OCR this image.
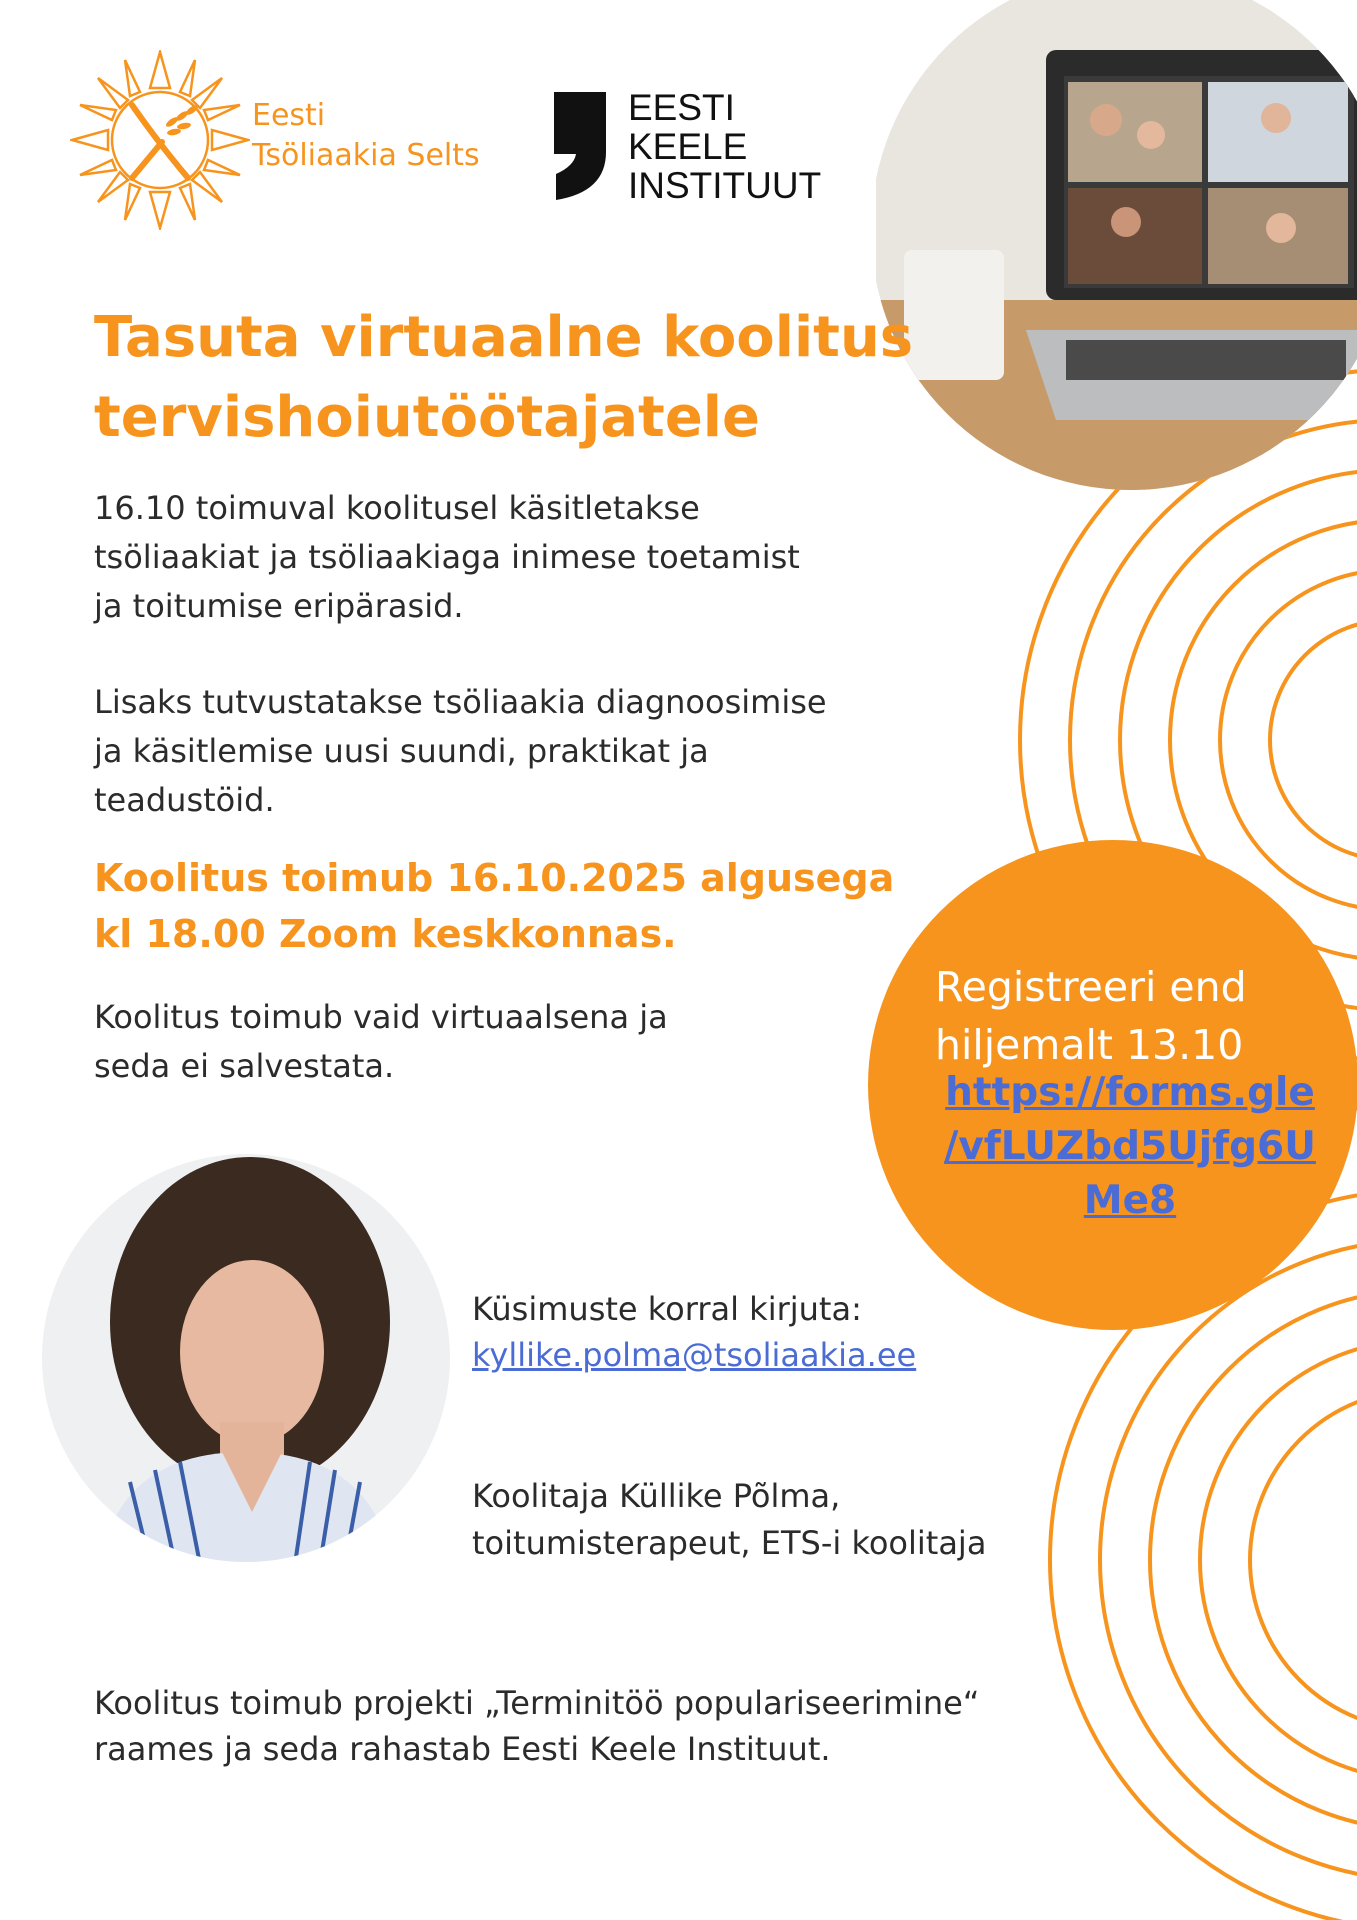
Eesti
Tsöliaakia Selts
EESTI
KEELE
INSTITUUT
Tasuta virtuaalne koolitus
tervishoiutöötajatele
16.10 toimuval koolitusel käsitletakse
tsöliaakiat ja tsöliaakiaga inimese toetamist
ja toitumise eripärasid.
Lisaks tutvustatakse tsöliaakia diagnoosimise
ja käsitlemise uusi suundi, praktikat ja
teadustöid.
Koolitus toimub 16.10.2025 algusega
kl 18.00 Zoom keskkonnas.
Koolitus toimub vaid virtuaalsena ja
seda ei salvestata.
Registreeri end
hiljemalt 13.10
https://forms.gle
/vfLUZbd5Ujfg6U
Me8
Küsimuste korral kirjuta:
kyllike.polma@tsoliaakia.ee
Koolitaja Küllike Põlma,
toitumisterapeut, ETS-i koolitaja
Koolitus toimub projekti „Terminitöö populariseerimine“
raames ja seda rahastab Eesti Keele Instituut.
